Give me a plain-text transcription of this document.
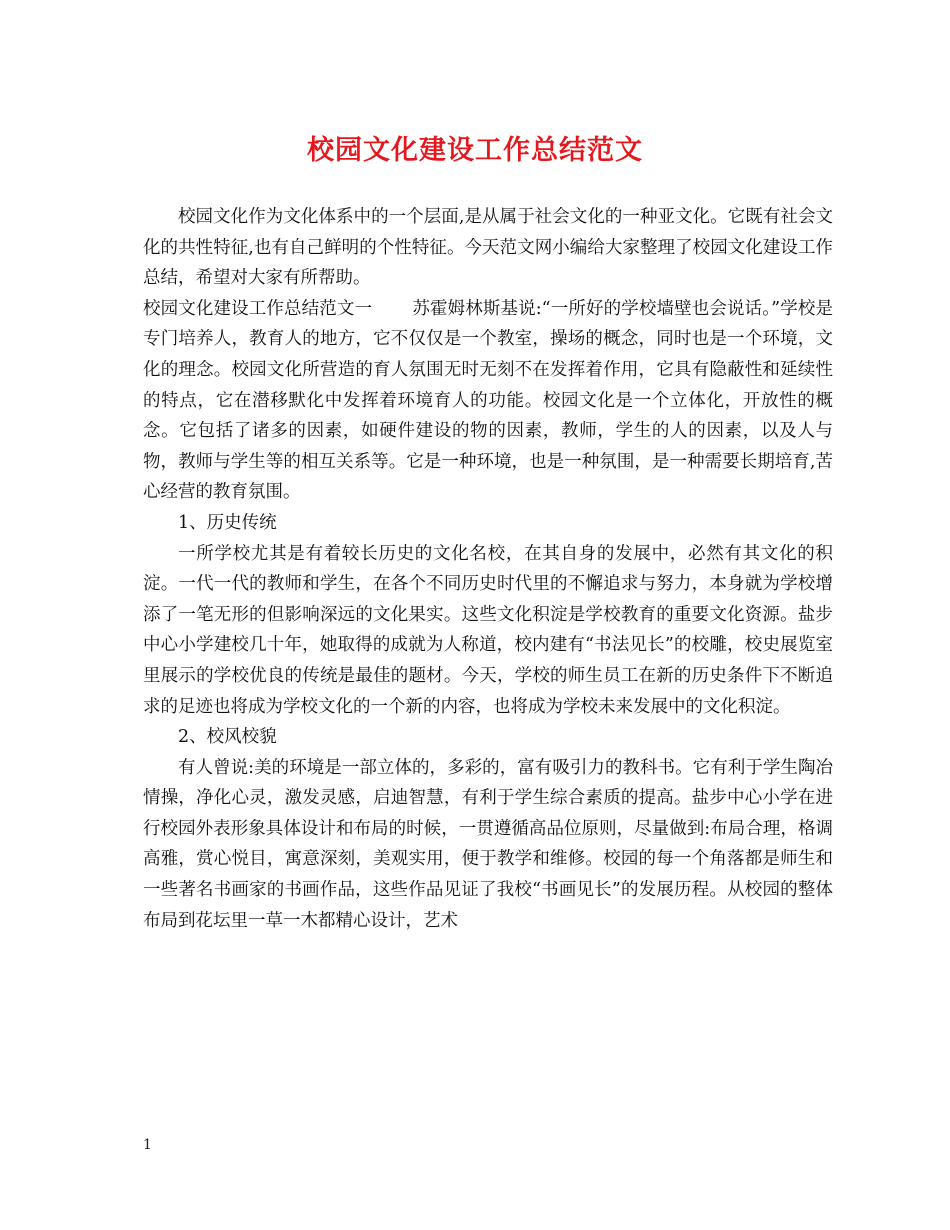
校园文化建设工作总结范文

校园文化作为文化体系中的一个层面,是从属于社会文化的一种亚文化。它既有社会文化的共性特征,也有自己鲜明的个性特征。今天范文网小编给大家整理了校园文化建设工作总结，希望对大家有所帮助。

校园文化建设工作总结范文一 苏霍姆林斯基说:“一所好的学校墙壁也会说话。”学校是专门培养人，教育人的地方，它不仅仅是一个教室，操场的概念，同时也是一个环境，文化的理念。校园文化所营造的育人氛围无时无刻不在发挥着作用，它具有隐蔽性和延续性的特点，它在潜移默化中发挥着环境育人的功能。校园文化是一个立体化，开放性的概念。它包括了诸多的因素，如硬件建设的物的因素，教师，学生的人的因素，以及人与物，教师与学生等的相互关系等。它是一种环境，也是一种氛围，是一种需要长期培育,苦心经营的教育氛围。

1、历史传统

一所学校尤其是有着较长历史的文化名校，在其自身的发展中，必然有其文化的积淀。一代一代的教师和学生，在各个不同历史时代里的不懈追求与努力，本身就为学校增添了一笔无形的但影响深远的文化果实。这些文化积淀是学校教育的重要文化资源。盐步中心小学建校几十年，她取得的成就为人称道，校内建有“书法见长”的校雕，校史展览室里展示的学校优良的传统是最佳的题材。今天，学校的师生员工在新的历史条件下不断追求的足迹也将成为学校文化的一个新的内容，也将成为学校未来发展中的文化积淀。

2、校风校貌

有人曾说:美的环境是一部立体的，多彩的，富有吸引力的教科书。它有利于学生陶冶情操，净化心灵，激发灵感，启迪智慧，有利于学生综合素质的提高。盐步中心小学在进行校园外表形象具体设计和布局的时候，一贯遵循高品位原则，尽量做到:布局合理，格调高雅，赏心悦目，寓意深刻，美观实用，便于教学和维修。校园的每一个角落都是师生和一些著名书画家的书画作品，这些作品见证了我校“书画见长”的发展历程。从校园的整体布局到花坛里一草一木都精心设计，艺术

1
